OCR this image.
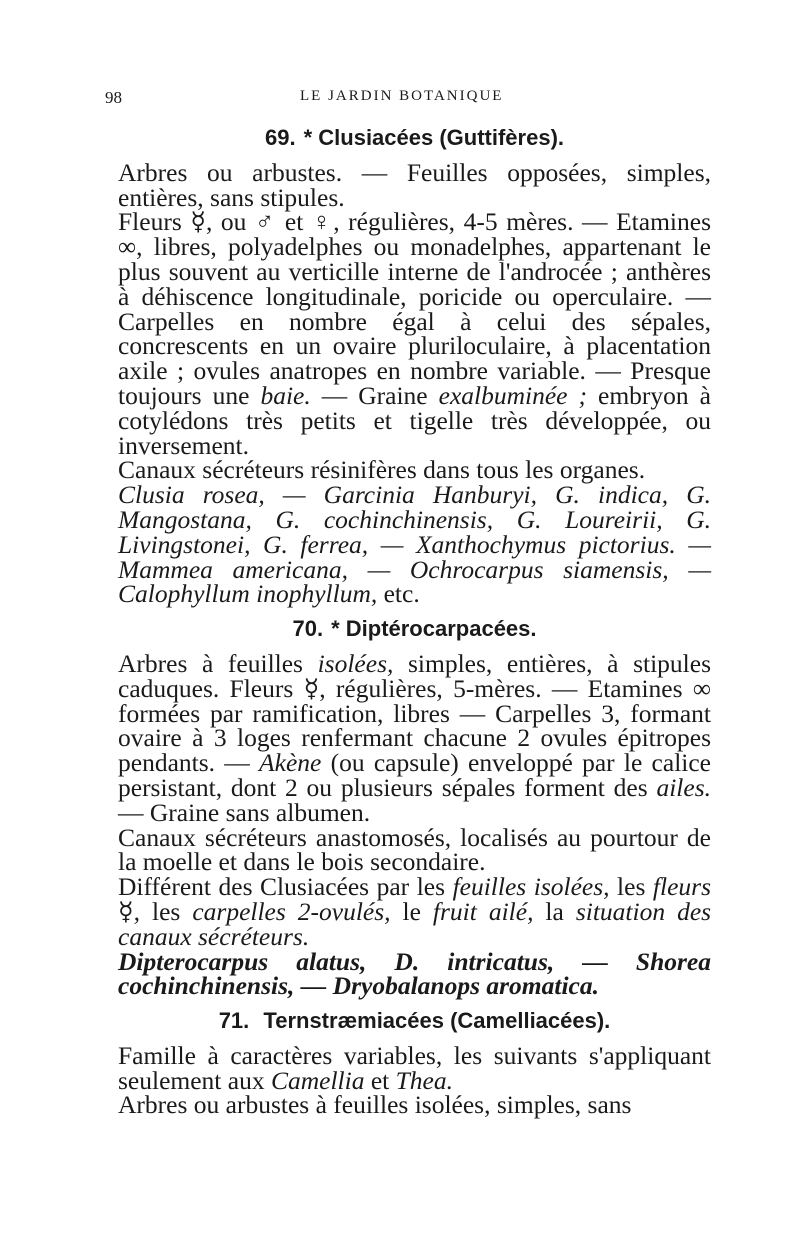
98	LE JARDIN BOTANIQUE
69. * Clusiacées (Guttifères).

Arbres ou arbustes. — Feuilles opposées, simples, entières, sans stipules.

Fleurs ☿, ou ♂ et ♀, régulières, 4-5 mères. — Etamines ∞, libres, polyadelphes ou monadelphes, appartenant le plus souvent au verticille interne de l'androcée ; anthères à déhiscence longitudinale, poricide ou operculaire. — Carpelles en nombre égal à celui des sépales, concrescents en un ovaire pluriloculaire, à placentation axile ; ovules anatropes en nombre variable. — Presque toujours une baie. — Graine exalbuminée ; embryon à cotylédons très petits et tigelle très développée, ou inversement.

Canaux sécréteurs résinifères dans tous les organes.

Clusia rosea, — Garcinia Hanburyi, G. indica, G. Mangostana, G. cochinchinensis, G. Loureirii, G. Livingstonei, G. ferrea, — Xanthochymus pictorius. — Mammea americana, — Ochrocarpus siamensis, — Calophyllum inophyllum, etc.

70. * Diptérocarpacées.

Arbres à feuilles isolées, simples, entières, à stipules caduques. Fleurs ☿, régulières, 5-mères. — Etamines ∞ formées par ramification, libres — Carpelles 3, formant ovaire à 3 loges renfermant chacune 2 ovules épitropes pendants. — Akène (ou capsule) enveloppé par le calice persistant, dont 2 ou plusieurs sépales forment des ailes. — Graine sans albumen.

Canaux sécréteurs anastomosés, localisés au pourtour de la moelle et dans le bois secondaire.

Différent des Clusiacées par les feuilles isolées, les fleurs ☿, les carpelles 2-ovulés, le fruit ailé, la situation des canaux sécréteurs.

Dipterocarpus alatus, D. intricatus, — Shorea cochinchinensis, — Dryobalanops aromatica.

71. Ternstræmiacées (Camelliacées).

Famille à caractères variables, les suivants s'appliquant seulement aux Camellia et Thea.

Arbres ou arbustes à feuilles isolées, simples, sans
